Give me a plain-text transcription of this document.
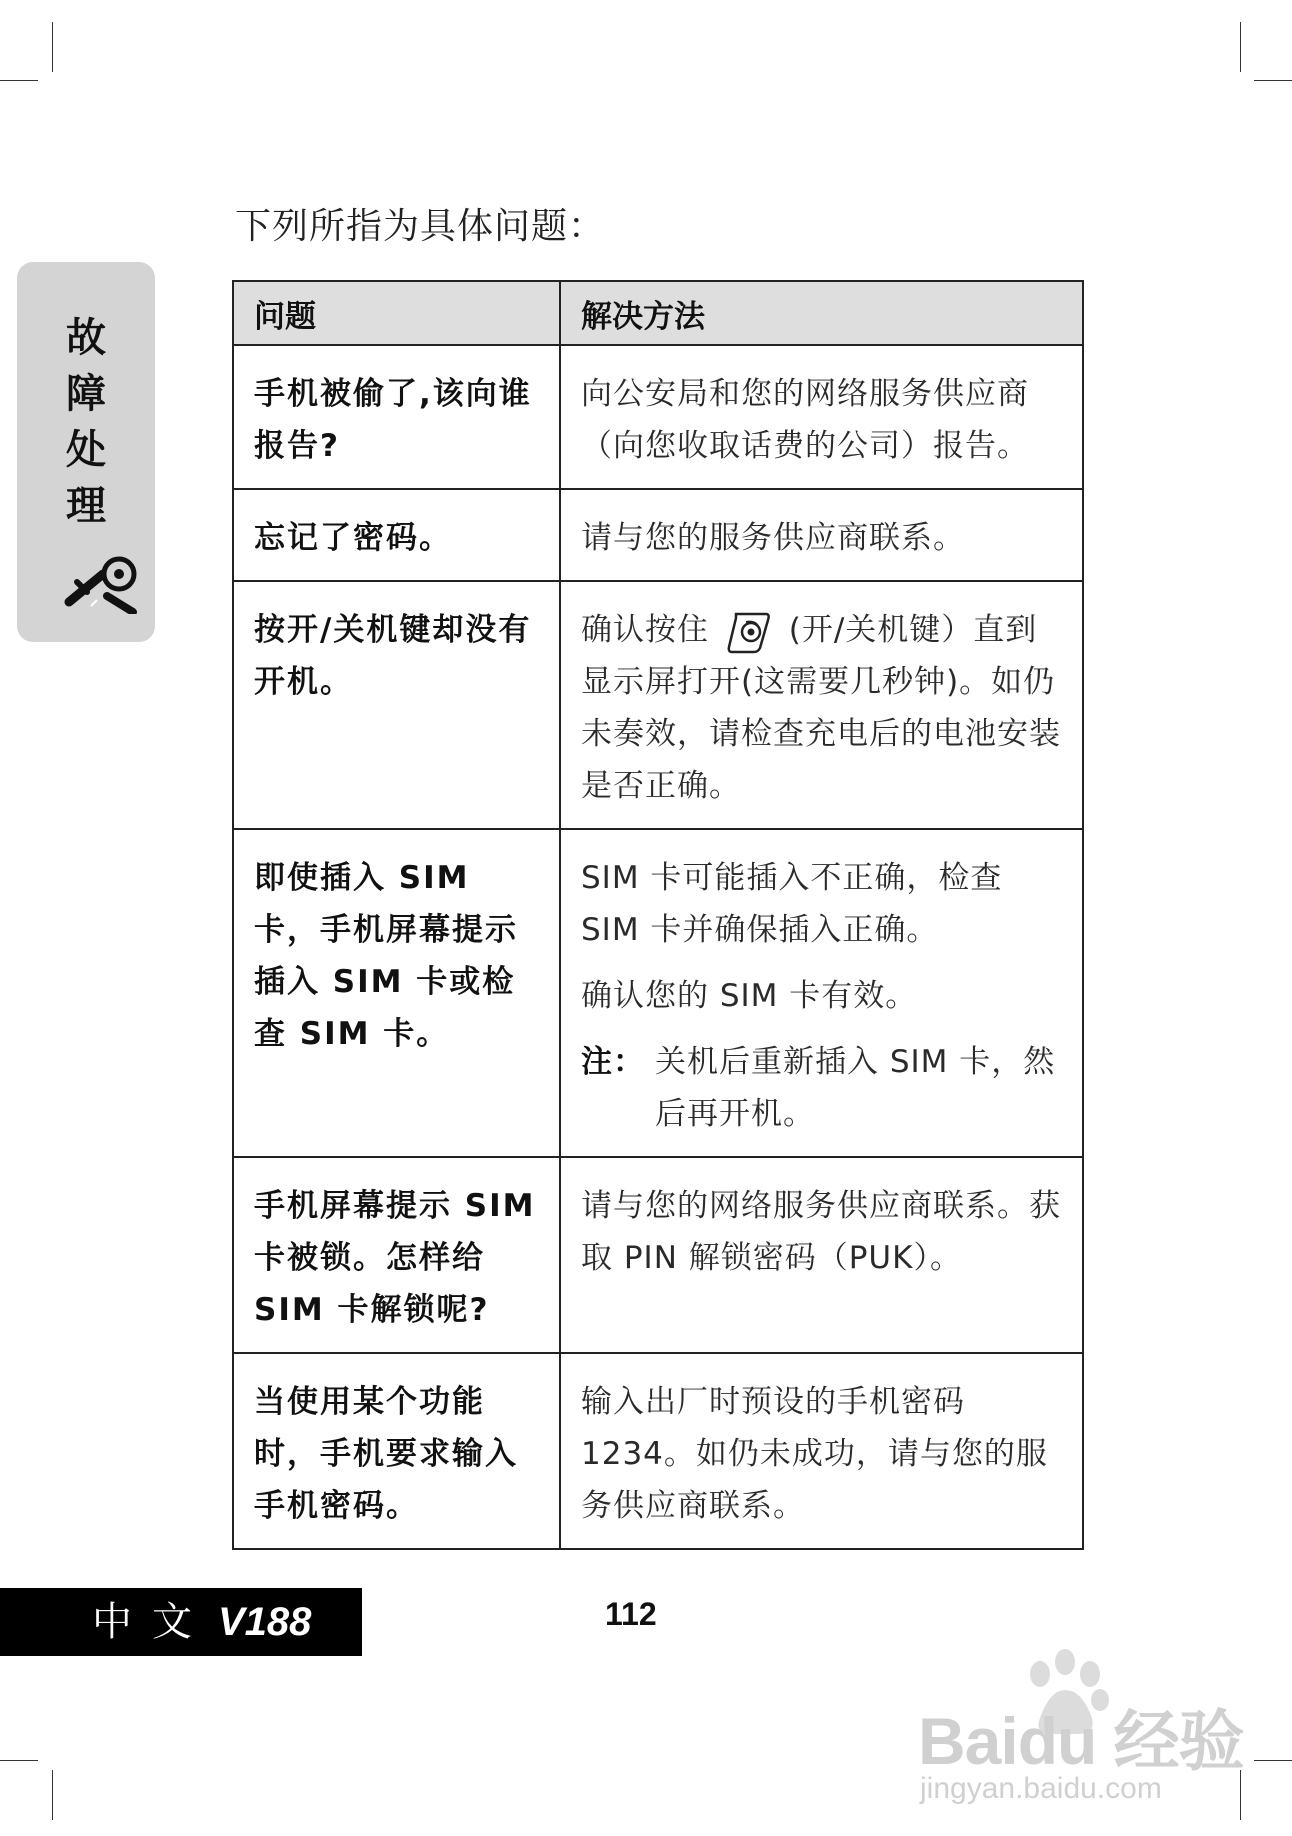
故
障
处
理
下列所指为具体问题：
问题	解决方法
手机被偷了,该向谁报告?	向公安局和您的网络服务供应商（向您收取话费的公司）报告。

忘记了密码。	请与您的服务供应商联系。

按开/关机键却没有开机。	确认按住 (开/关机键）直到显示屏打开(这需要几秒钟)。如仍未奏效，请检查充电后的电池安装是否正确。
即使插入 SIM 卡，手机屏幕提示插入 SIM 卡或检查 SIM 卡。	SIM 卡可能插入不正确，检查 SIM 卡并确保插入正确。
确认您的 SIM 卡有效。
注： 关机后重新插入 SIM 卡，然后再开机。

手机屏幕提示 SIM 卡被锁。怎样给 SIM 卡解锁呢?	请与您的网络服务供应商联系。获取 PIN 解锁密码（PUK）。

当使用某个功能时，手机要求输入手机密码。	输入出厂时预设的手机密码 1234。如仍未成功，请与您的服务供应商联系。
中文 V188	112
Baidu 经验
jingyan.baidu.com
